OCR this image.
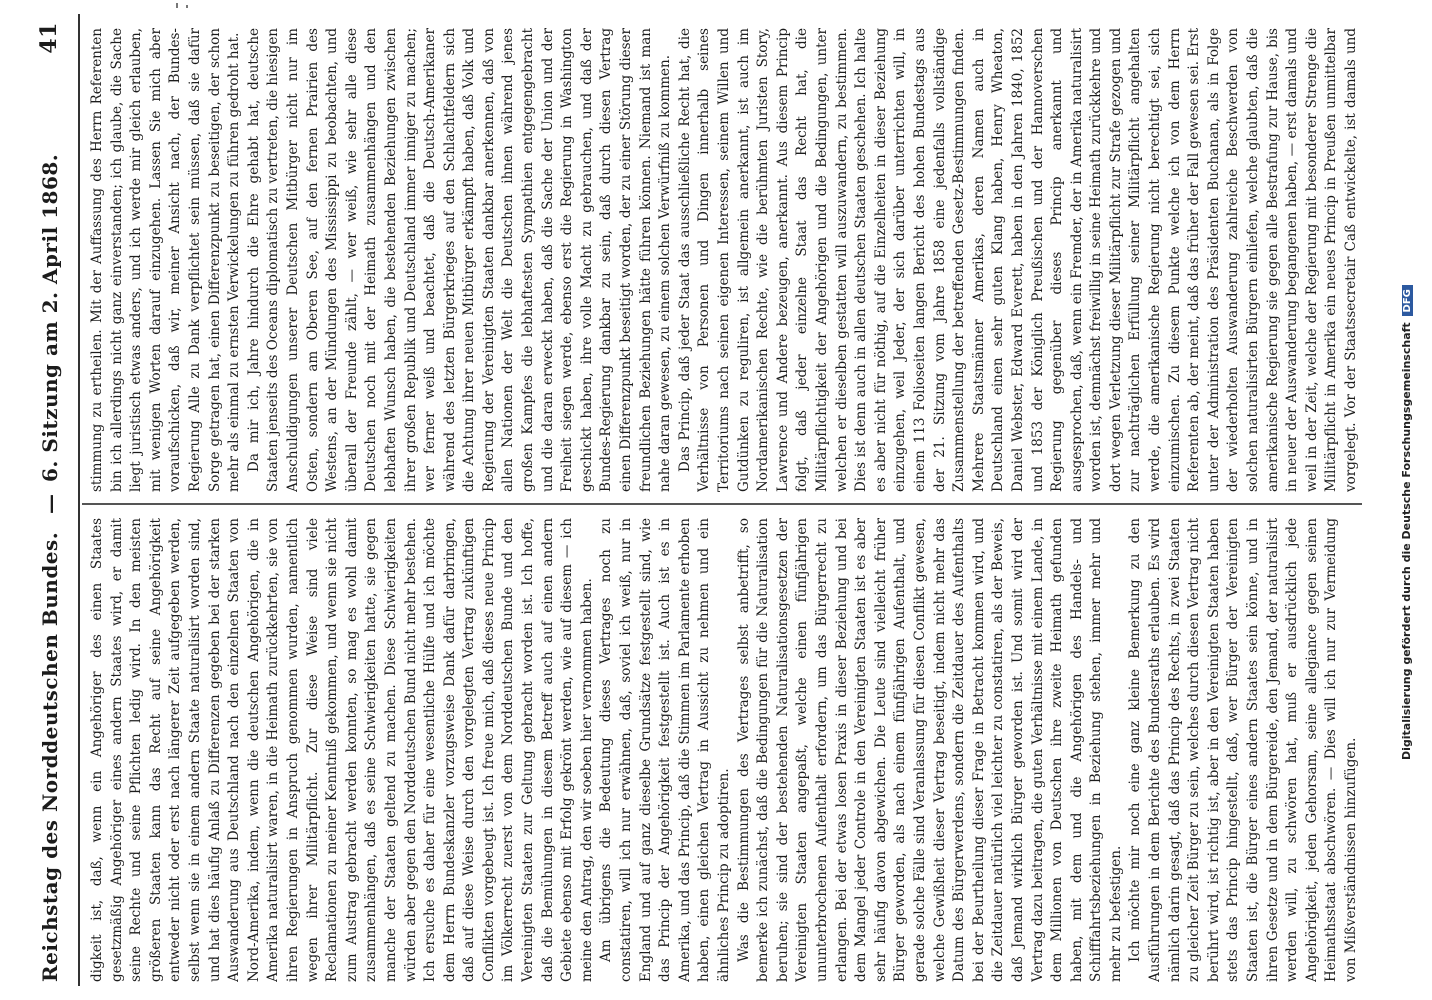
Reichstag des Norddeutschen Bundes.
—
6. Sitzung am 2. April 1868.
41

digkeit ist, daß, wenn ein Angehöriger des einen Staates gesetzmäßig Angehöriger eines andern Staates wird, er damit seine Rechte und seine Pflichten ledig wird. In den meisten größeren Staaten kann das Recht auf seine Angehörigkeit entweder nicht oder erst nach längerer Zeit aufgegeben werden, selbst wenn sie in einem andern Staate naturalisirt worden sind, und hat dies häufig Anlaß zu Differenzen gegeben bei der starken Auswanderung aus Deutschland nach den einzelnen Staaten von Nord-Amerika, indem, wenn die deutschen Angehörigen, die in Amerika naturalisirt waren, in die Heimath zurückkehrten, sie von ihren Regierungen in Anspruch genommen wurden, namentlich wegen ihrer Militärpflicht. Zur diese Weise sind viele Reclamationen zu meiner Kenntniß gekommen, und wenn sie nicht zum Austrag gebracht werden konnten, so mag es wohl damit zusammenhängen, daß es seine Schwierigkeiten hatte, sie gegen manche der Staaten geltend zu machen. Diese Schwierigkeiten würden aber gegen den Norddeutschen Bund nicht mehr bestehen. Ich ersuche es daher für eine wesentliche Hülfe und ich möchte dem Herrn Bundeskanzler vorzugsweise Dank dafür darbringen, daß auf diese Weise durch den vorgelegten Vertrag zukünftigen Conflikten vorgebeugt ist. Ich freue mich, daß dieses neue Princip im Völkerrecht zuerst von dem Norddeutschen Bunde und den Vereinigten Staaten zur Geltung gebracht worden ist. Ich hoffe, daß die Bemühungen in diesem Betreff auch auf einen andern Gebiete ebenso mit Erfolg gekrönt werden, wie auf diesem — ich meine den Antrag, den wir soeben hier vernommen haben. Am übrigens die Bedeutung dieses Vertrages noch zu constatiren, will ich nur erwähnen, daß, soviel ich weiß, nur in England und auf ganz dieselbe Grundsätze festgestellt sind, wie das Princip der Angehörigkeit festgestellt ist. Auch ist es in Amerika, und das Princip, daß die Stimmen im Parlamente erhoben haben, einen gleichen Vertrag in Aussicht zu nehmen und ein ähnliches Princip zu adoptiren. Was die Bestimmungen des Vertrages selbst anbetrifft, so bemerke ich zunächst, daß die Bedingungen für die Naturalisation beruhen; sie sind der bestehenden Naturalisationsgesetzen der Vereinigten Staaten angepaßt, welche einen fünfjährigen ununterbrochenen Aufenthalt erfordern, um das Bürgerrecht zu erlangen. Bei der etwas losen Praxis in dieser Beziehung und bei dem Mangel jeder Controle in den Vereinigten Staaten ist es aber sehr häufig davon abgewichen. Die Leute sind vielleicht früher Bürger geworden, als nach einem fünfjährigen Aufenthalt, und gerade solche Fälle sind Veranlassung für diesen Conflikt gewesen, welche Gewißheit dieser Vertrag beseitigt, indem nicht mehr das Datum des Bürgerwerdens, sondern die Zeitdauer des Aufenthalts bei der Beurtheilung dieser Frage in Betracht kommen wird, und die Zeitdauer natürlich viel leichter zu constatiren, als der Beweis, daß Jemand wirklich Bürger geworden ist. Und somit wird der Vertrag dazu beitragen, die guten Verhältnisse mit einem Lande, in dem Millionen von Deutschen ihre zweite Heimath gefunden haben, mit dem und die Angehörigen des Handels- und Schifffahrtsbeziehungen in Beziehung stehen, immer mehr und mehr zu befestigen. Ich möchte mir noch eine ganz kleine Bemerkung zu den Ausführungen in dem Berichte des Bundesraths erlauben. Es wird nämlich darin gesagt, daß das Princip des Rechts, in zwei Staaten zu gleicher Zeit Bürger zu sein, welches durch diesen Vertrag nicht berührt wird, ist richtig ist, aber in den Vereinigten Staaten haben stets das Princip hingestellt, daß, wer Bürger der Vereinigten Staaten ist, die Bürger eines andern Staates sein könne, und in ihren Gesetze und in dem Bürgereide, den Jemand, der naturalisirt werden will, zu schwören hat, muß er ausdrücklich jede Angehörigkeit, jeden Gehorsam, seine allegiance gegen seinen Heimathsstaat abschwören. — Dies will ich nur zur Vermeidung von Mißverständnissen hinzufügen.

stimmung zu ertheilen. Mit der Auffassung des Herrn Referenten bin ich allerdings nicht ganz einverstanden; ich glaube, die Sache liegt juristisch etwas anders, und ich werde mir gleich erlauben, mit wenigen Worten darauf einzugehen. Lassen Sie mich aber voraufschicken, daß wir, meiner Ansicht nach, der Bundes-Regierung Alle zu Dank verpflichtet sein müssen, daß sie dafür Sorge getragen hat, einen Differenzpunkt zu beseitigen, der schon mehr als einmal zu ernsten Verwickelungen zu führen gedroht hat. Da mir ich, Jahre hindurch die Ehre gehabt hat, deutsche Staaten jenseits des Oceans diplomatisch zu vertreten, die hiesigen Anschuldigungen unserer Deutschen Mitbürger nicht nur im Osten, sondern am Oberen See, auf den fernen Prairien des Westens, an der Mündungen des Mississippi zu beobachten, und überall der Freunde zählt, — wer weiß, wie sehr alle diese Deutschen noch mit der Heimath zusammenhängen und den lebhaften Wunsch haben, die bestehenden Beziehungen zwischen ihrer großen Republik und Deutschland immer inniger zu machen; wer ferner weiß und beachtet, daß die Deutsch-Amerikaner während des letzten Bürgerkrieges auf den Schlachtfeldern sich die Achtung ihrer neuen Mitbürger erkämpft haben, daß Volk und Regierung der Vereinigten Staaten dankbar anerkennen, daß von allen Nationen der Welt die Deutschen ihnen während jenes großen Kampfes die lebhaftesten Sympathien entgegengebracht und die daran erweckt haben, daß die Sache der Union und der Freiheit siegen werde, ebenso erst die Regierung in Washington geschickt haben, ihre volle Macht zu gebrauchen, und daß der Bundes-Regierung dankbar zu sein, daß durch diesen Vertrag einen Differenzpunkt beseitigt worden, der zu einer Störung dieser freundlichen Beziehungen hätte führen können. Niemand ist man nahe daran gewesen, zu einem solchen Verwürfniß zu kommen. Das Princip, daß jeder Staat das ausschließliche Recht hat, die Verhältnisse von Personen und Dingen innerhalb seines Territoriums nach seinen eigenen Interessen, seinem Willen und Gutdünken zu reguliren, ist allgemein anerkannt, ist auch im Nordamerikanischen Rechte, wie die berühmten Juristen Story, Lawrence und Andere bezeugen, anerkannt. Aus diesem Princip folgt, daß jeder einzelne Staat das Recht hat, die Militärpflichtigkeit der Angehörigen und die Bedingungen, unter welchen er dieselben gestatten will auszuwandern, zu bestimmen. Dies ist denn auch in allen deutschen Staaten geschehen. Ich halte es aber nicht für nöthig, auf die Einzelheiten in dieser Beziehung einzugehen, weil Jeder, der sich darüber unterrichten will, in einem 113 Folioseiten langen Bericht des hohen Bundestags aus der 21. Sitzung vom Jahre 1858 eine jedenfalls vollständige Zusammenstellung der betreffenden Gesetz-Bestimmungen finden. Mehrere Staatsmänner Amerikas, deren Namen auch in Deutschland einen sehr guten Klang haben, Henry Wheaton, Daniel Webster, Edward Everett, haben in den Jahren 1840, 1852 und 1853 der Königlich Preußischen und der Hannoverschen Regierung gegenüber dieses Princip anerkannt und ausgesprochen, daß, wenn ein Fremder, der in Amerika naturalisirt worden ist, demnächst freiwillig in seine Heimath zurückkehre und dort wegen Verletzung dieser Militärpflicht zur Strafe gezogen und zur nachträglichen Erfüllung seiner Militärpflicht angehalten werde, die amerikanische Regierung nicht berechtigt sei, sich einzumischen. Zu diesem Punkte welche ich von dem Herrn Referenten ab, der meint, daß das früher der Fall gewesen sei. Erst unter der Administration des Präsidenten Buchanan, als in Folge der wiederholten Auswanderung zahlreiche Beschwerden von solchen naturalisirten Bürgern einliefen, welche glaubten, daß die amerikanische Regierung sie gegen alle Bestrafung zur Hause, bis in neuer der Auswanderung begangenen haben, — erst damals und weil in der Zeit, welche der Regierung mit besonderer Strenge die Militärpflicht in Amerika ein neues Princip in Preußen unmittelbar vorgelegt. Vor der Staatssecretair Caß entwickelte, ist damals und

Digitalisierung gefördert durch die Deutsche Forschungsgemeinschaft DFG
